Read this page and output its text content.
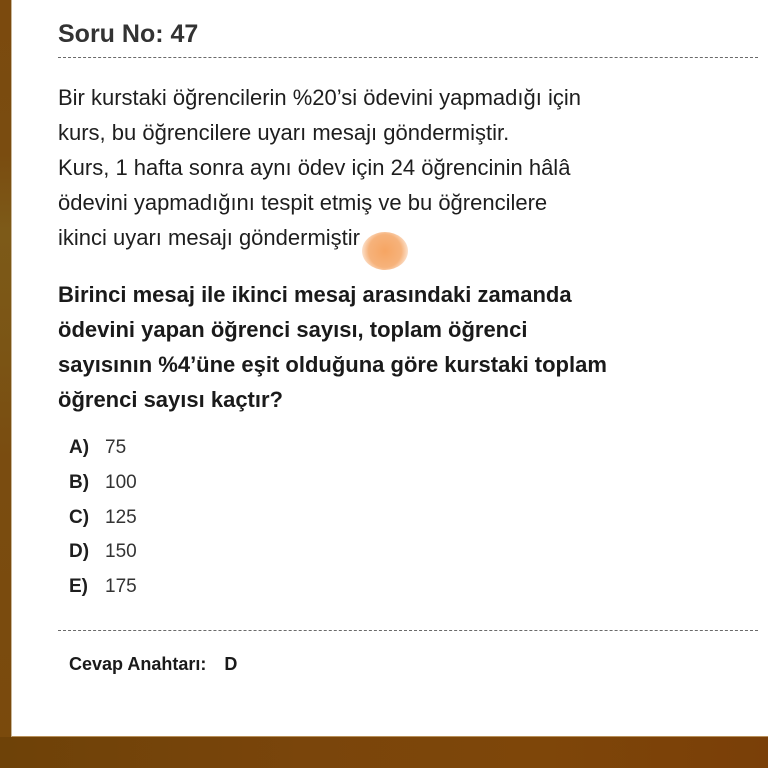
Soru No: 47
Bir kurstaki öğrencilerin %20’si ödevini yapmadığı için
kurs, bu öğrencilere uyarı mesajı göndermiştir.
Kurs, 1 hafta sonra aynı ödev için 24 öğrencinin hâlâ
ödevini yapmadığını tespit etmiş ve bu öğrencilere
ikinci uyarı mesajı göndermiştir
Birinci mesaj ile ikinci mesaj arasındaki zamanda
ödevini yapan öğrenci sayısı, toplam öğrenci
sayısının %4’üne eşit olduğuna göre kurstaki toplam
öğrenci sayısı kaçtır?
A) 75
B) 100
C) 125
D) 150
E) 175
Cevap Anahtarı: D
